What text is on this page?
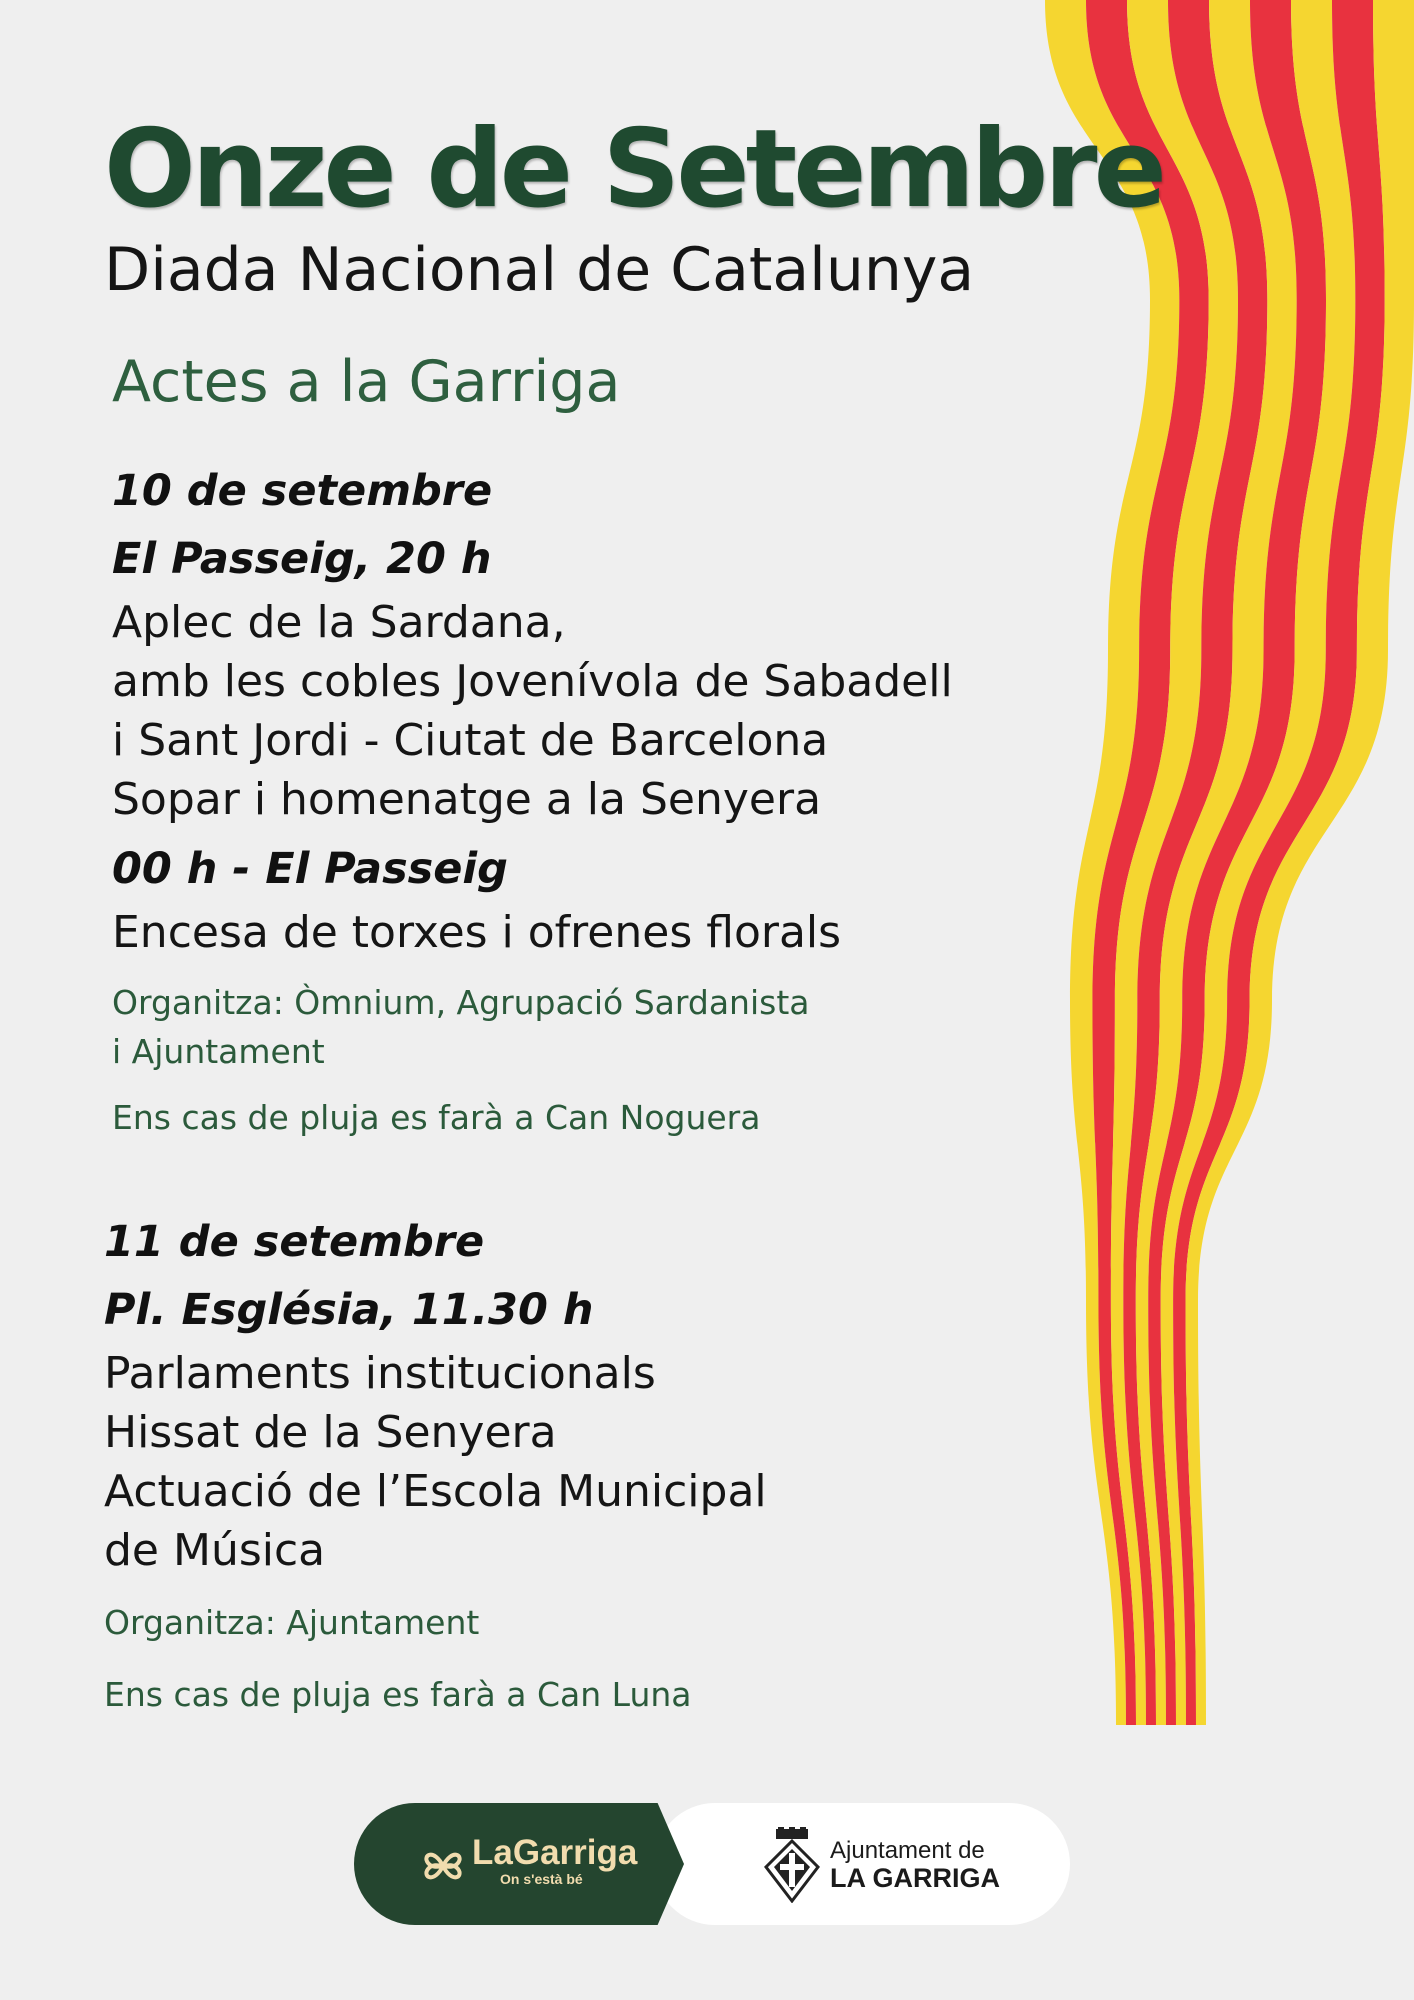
Onze de Setembre
Diada Nacional de Catalunya
Actes a la Garriga
10 de setembre
El Passeig, 20 h
Aplec de la Sardana,
amb les cobles Jovenívola de Sabadell
i Sant Jordi - Ciutat de Barcelona
Sopar i homenatge a la Senyera
00 h - El Passeig
Encesa de torxes i ofrenes florals
Organitza: Òmnium, Agrupació Sardanista
i Ajuntament
Ens cas de pluja es farà a Can Noguera
11 de setembre
Pl. Església, 11.30 h
Parlaments institucionals
Hissat de la Senyera
Actuació de l’Escola Municipal
de Música
Organitza: Ajuntament
Ens cas de pluja es farà a Can Luna
LaGarriga
On s'està bé
Ajuntament de
LA GARRIGA
